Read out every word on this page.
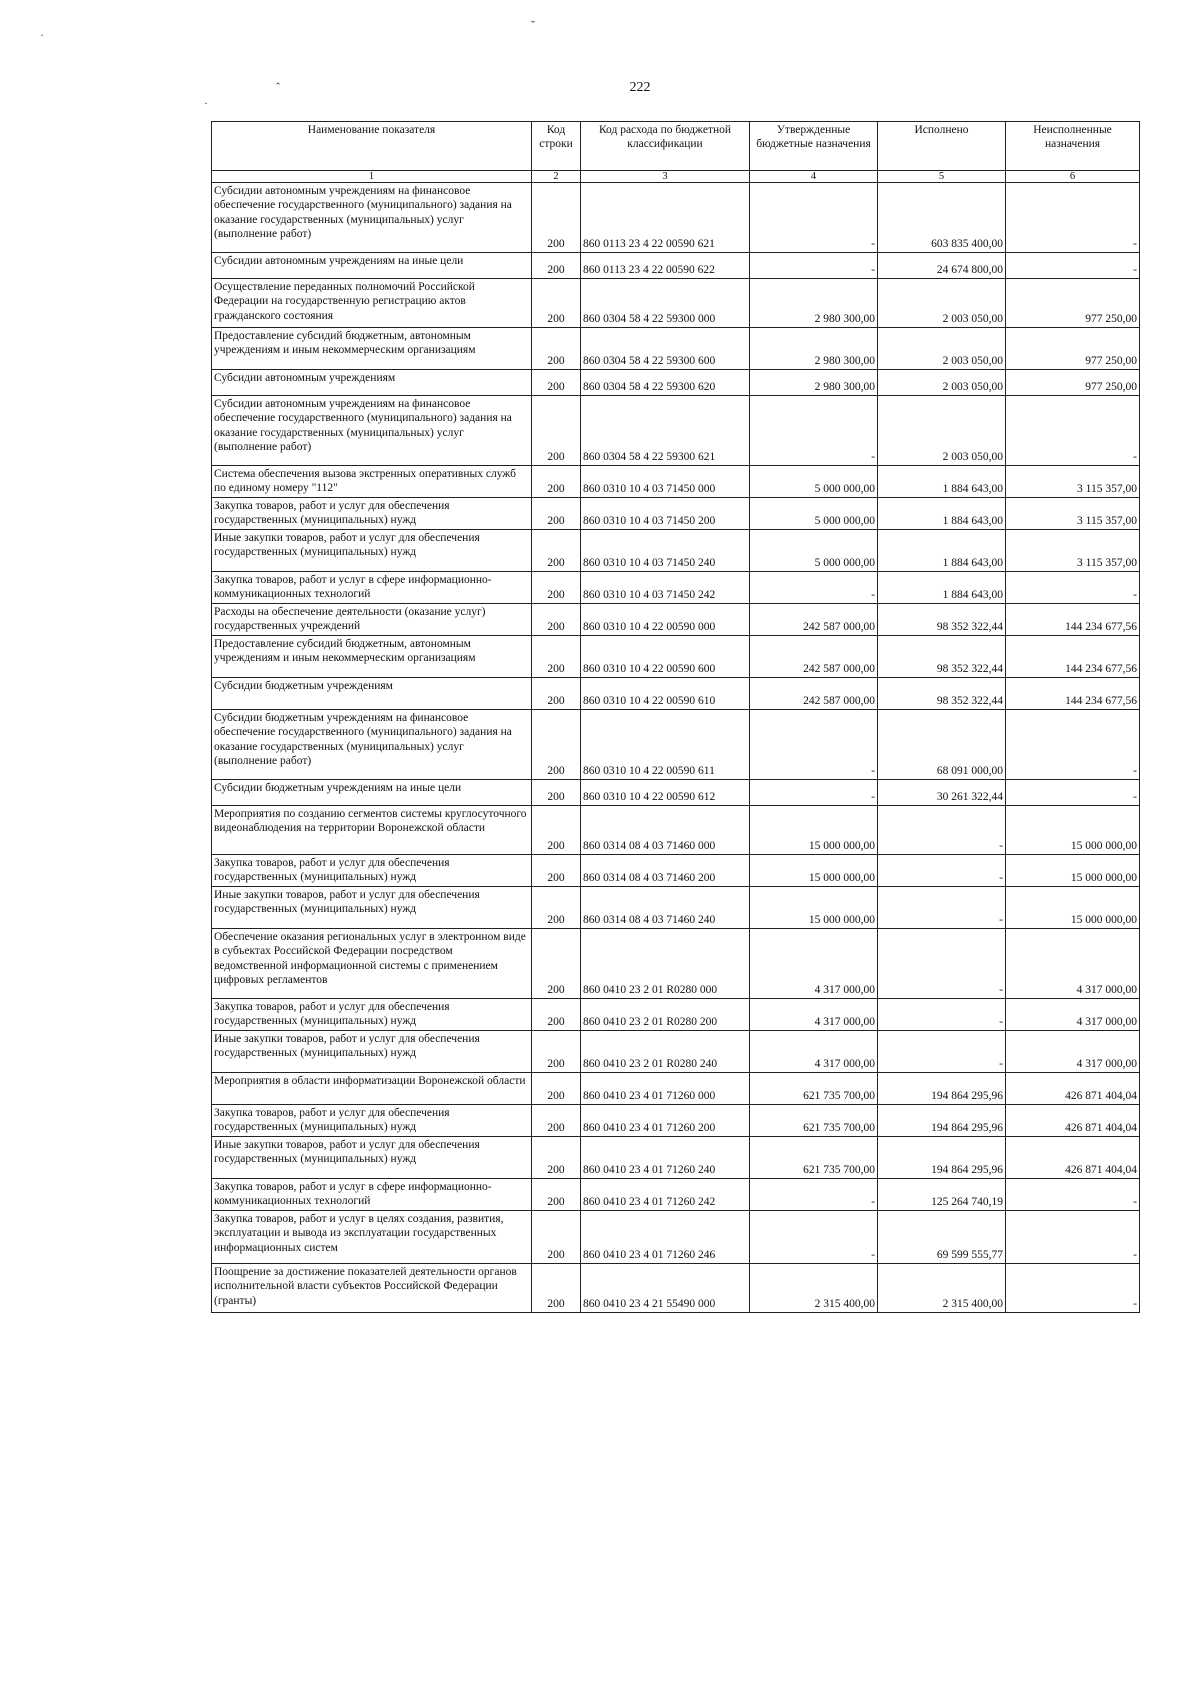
ˇ
·
ˆ
·
222
Наименование показателя	Код строки	Код расхода по бюджетной классификации	Утвержденные бюджетные назначения	Исполнено	Неисполненные назначения
1	2	3	4	5	6
Субсидии автономным учреждениям на финансовое обеспечение государственного (муниципального) задания на оказание государственных (муниципальных) услуг (выполнение работ)	200	860 0113 23 4 22 00590 621	-	603 835 400,00	-
Субсидии автономным учреждениям на иные цели	200	860 0113 23 4 22 00590 622	-	24 674 800,00	-
Осуществление переданных полномочий Российской Федерации на государственную регистрацию актов гражданского состояния	200	860 0304 58 4 22 59300 000	2 980 300,00	2 003 050,00	977 250,00
Предоставление субсидий бюджетным, автономным учреждениям и иным некоммерческим организациям	200	860 0304 58 4 22 59300 600	2 980 300,00	2 003 050,00	977 250,00
Субсидии автономным учреждениям	200	860 0304 58 4 22 59300 620	2 980 300,00	2 003 050,00	977 250,00
Субсидии автономным учреждениям на финансовое обеспечение государственного (муниципального) задания на оказание государственных (муниципальных) услуг (выполнение работ)	200	860 0304 58 4 22 59300 621	-	2 003 050,00	-
Система обеспечения вызова экстренных оперативных служб по единому номеру "112"	200	860 0310 10 4 03 71450 000	5 000 000,00	1 884 643,00	3 115 357,00
Закупка товаров, работ и услуг для обеспечения государственных (муниципальных) нужд	200	860 0310 10 4 03 71450 200	5 000 000,00	1 884 643,00	3 115 357,00
Иные закупки товаров, работ и услуг для обеспечения государственных (муниципальных) нужд	200	860 0310 10 4 03 71450 240	5 000 000,00	1 884 643,00	3 115 357,00
Закупка товаров, работ и услуг в сфере информационно-коммуникационных технологий	200	860 0310 10 4 03 71450 242	-	1 884 643,00	-
Расходы на обеспечение деятельности (оказание услуг) государственных учреждений	200	860 0310 10 4 22 00590 000	242 587 000,00	98 352 322,44	144 234 677,56
Предоставление субсидий бюджетным, автономным учреждениям и иным некоммерческим организациям	200	860 0310 10 4 22 00590 600	242 587 000,00	98 352 322,44	144 234 677,56
Субсидии бюджетным учреждениям	200	860 0310 10 4 22 00590 610	242 587 000,00	98 352 322,44	144 234 677,56
Субсидии бюджетным учреждениям на финансовое обеспечение государственного (муниципального) задания на оказание государственных (муниципальных) услуг (выполнение работ)	200	860 0310 10 4 22 00590 611	-	68 091 000,00	-
Субсидии бюджетным учреждениям на иные цели	200	860 0310 10 4 22 00590 612	-	30 261 322,44	-
Мероприятия по созданию сегментов системы круглосуточного видеонаблюдения на территории Воронежской области	200	860 0314 08 4 03 71460 000	15 000 000,00	-	15 000 000,00
Закупка товаров, работ и услуг для обеспечения государственных (муниципальных) нужд	200	860 0314 08 4 03 71460 200	15 000 000,00	-	15 000 000,00
Иные закупки товаров, работ и услуг для обеспечения государственных (муниципальных) нужд	200	860 0314 08 4 03 71460 240	15 000 000,00	-	15 000 000,00
Обеспечение оказания региональных услуг в электронном виде в субъектах Российской Федерации посредством ведомственной информационной системы с применением цифровых регламентов	200	860 0410 23 2 01 R0280 000	4 317 000,00	-	4 317 000,00
Закупка товаров, работ и услуг для обеспечения государственных (муниципальных) нужд	200	860 0410 23 2 01 R0280 200	4 317 000,00	-	4 317 000,00
Иные закупки товаров, работ и услуг для обеспечения государственных (муниципальных) нужд	200	860 0410 23 2 01 R0280 240	4 317 000,00	-	4 317 000,00
Мероприятия в области информатизации Воронежской области	200	860 0410 23 4 01 71260 000	621 735 700,00	194 864 295,96	426 871 404,04
Закупка товаров, работ и услуг для обеспечения государственных (муниципальных) нужд	200	860 0410 23 4 01 71260 200	621 735 700,00	194 864 295,96	426 871 404,04
Иные закупки товаров, работ и услуг для обеспечения государственных (муниципальных) нужд	200	860 0410 23 4 01 71260 240	621 735 700,00	194 864 295,96	426 871 404,04
Закупка товаров, работ и услуг в сфере информационно-коммуникационных технологий	200	860 0410 23 4 01 71260 242	-	125 264 740,19	-
Закупка товаров, работ и услуг в целях создания, развития, эксплуатации и вывода из эксплуатации государственных информационных систем	200	860 0410 23 4 01 71260 246	-	69 599 555,77	-
Поощрение за достижение показателей деятельности органов исполнительной власти субъектов Российской Федерации (гранты)	200	860 0410 23 4 21 55490 000	2 315 400,00	2 315 400,00	-
